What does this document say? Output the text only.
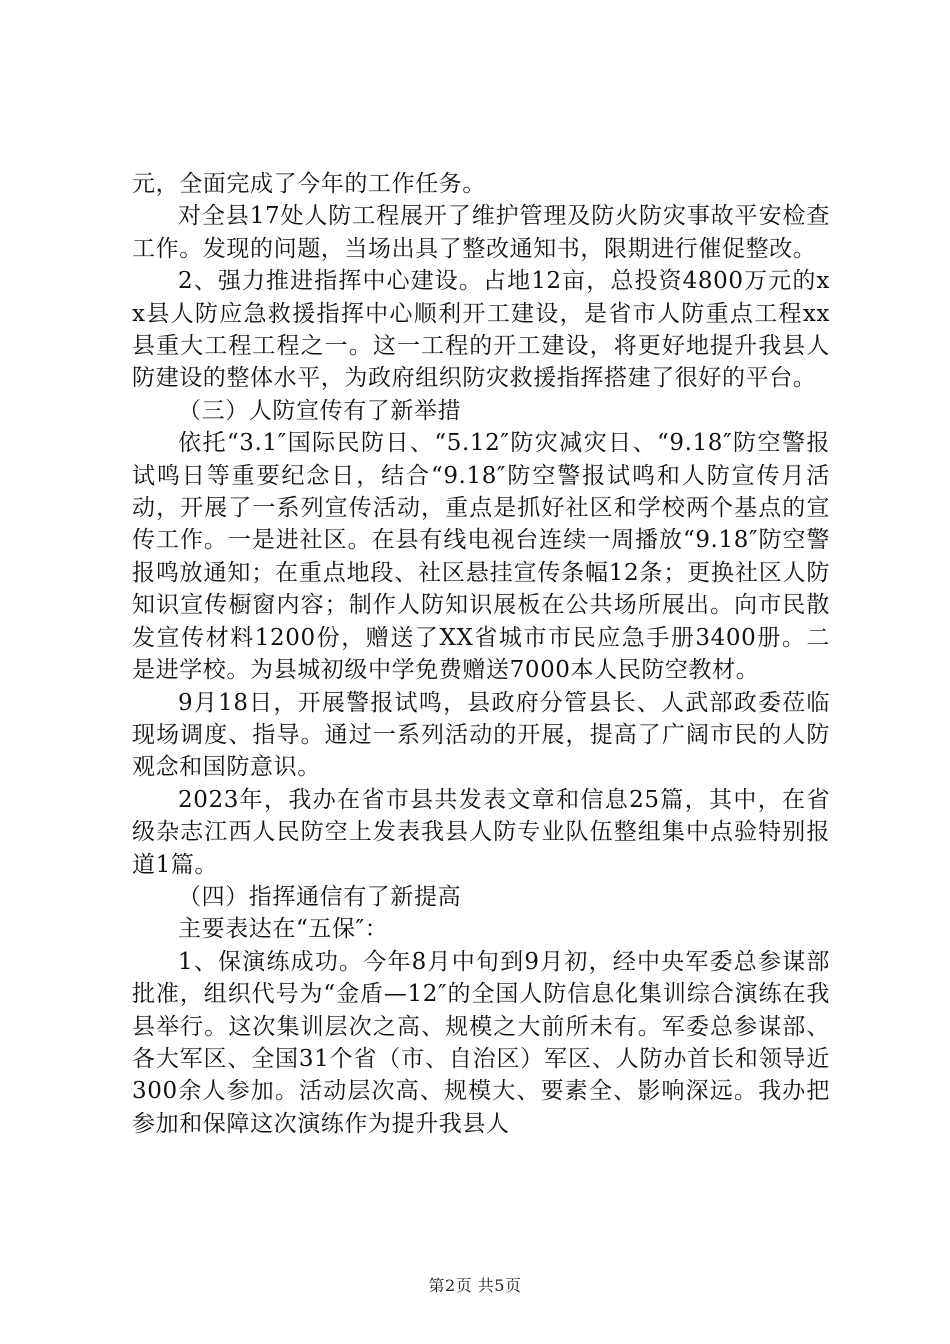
元，全面完成了今年的工作任务。

对全县17处人防工程展开了维护管理及防火防灾事故平安检查工作。发现的问题，当场出具了整改通知书，限期进行催促整改。

2、强力推进指挥中心建设。占地12亩，总投资4800万元的xx县人防应急救援指挥中心顺利开工建设，是省市人防重点工程xx县重大工程工程之一。这一工程的开工建设，将更好地提升我县人防建设的整体水平，为政府组织防灾救援指挥搭建了很好的平台。

（三）人防宣传有了新举措

依托“3.1″国际民防日、“5.12″防灾减灾日、“9.18″防空警报试鸣日等重要纪念日，结合“9.18″防空警报试鸣和人防宣传月活动，开展了一系列宣传活动，重点是抓好社区和学校两个基点的宣传工作。一是进社区。在县有线电视台连续一周播放“9.18″防空警报鸣放通知；在重点地段、社区悬挂宣传条幅12条；更换社区人防知识宣传橱窗内容；制作人防知识展板在公共场所展出。向市民散发宣传材料1200份，赠送了XX省城市市民应急手册3400册。二是进学校。为县城初级中学免费赠送7000本人民防空教材。

9月18日，开展警报试鸣，县政府分管县长、人武部政委莅临现场调度、指导。通过一系列活动的开展，提高了广阔市民的人防观念和国防意识。

2023年，我办在省市县共发表文章和信息25篇，其中，在省级杂志江西人民防空上发表我县人防专业队伍整组集中点验特别报道1篇。

（四）指挥通信有了新提高

主要表达在“五保″：

1、保演练成功。今年8月中旬到9月初，经中央军委总参谋部批准，组织代号为“金盾—12″的全国人防信息化集训综合演练在我县举行。这次集训层次之高、规模之大前所未有。军委总参谋部、各大军区、全国31个省（市、自治区）军区、人防办首长和领导近300余人参加。活动层次高、规模大、要素全、影响深远。我办把参加和保障这次演练作为提升我县人

第2页 共5页
